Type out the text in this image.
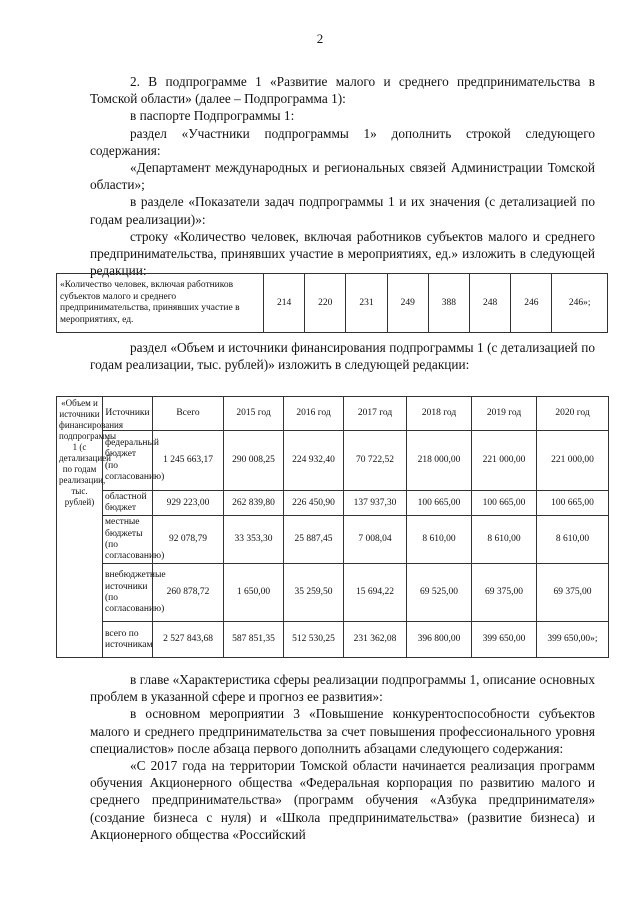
2

2. В подпрограмме 1 «Развитие малого и среднего предпринимательства в Томской области» (далее – Подпрограмма 1):

в паспорте Подпрограммы 1:

раздел «Участники подпрограммы 1» дополнить строкой следующего содержания:

«Департамент международных и региональных связей Администрации Томской области»;

в разделе «Показатели задач подпрограммы 1 и их значения (с детализацией по годам реализации)»:

строку «Количество человек, включая работников субъектов малого и среднего предпринимательства, принявших участие в мероприятиях, ед.» изложить в следующей редакции:

«Количество человек, включая работников субъектов малого и среднего предпринимательства, принявших участие в мероприятиях, ед.	214	220	231	249	388	248	246	246»;

раздел «Объем и источники финансирования подпрограммы 1 (с детализацией по годам реализации, тыс. рублей)» изложить в следующей редакции:

«Объем и источники финансирования подпрограммы 1 (с детализацией по годам реализации, тыс. рублей)	Источники	Всего	2015 год	2016 год	2017 год	2018 год	2019 год	2020 год
	федеральный бюджет (по согласованию)	1 245 663,17	290 008,25	224 932,40	70 722,52	218 000,00	221 000,00	221 000,00
	областной бюджет	929 223,00	262 839,80	226 450,90	137 937,30	100 665,00	100 665,00	100 665,00
	местные бюджеты (по согласованию)	92 078,79	33 353,30	25 887,45	7 008,04	8 610,00	8 610,00	8 610,00
	внебюджетные источники (по согласованию)	260 878,72	1 650,00	35 259,50	15 694,22	69 525,00	69 375,00	69 375,00
	всего по источникам	2 527 843,68	587 851,35	512 530,25	231 362,08	396 800,00	399 650,00	399 650,00»;

в главе «Характеристика сферы реализации подпрограммы 1, описание основных проблем в указанной сфере и прогноз ее развития»:

в основном мероприятии 3 «Повышение конкурентоспособности субъектов малого и среднего предпринимательства за счет повышения профессионального уровня специалистов» после абзаца первого дополнить абзацами следующего содержания:

«С 2017 года на территории Томской области начинается реализация программ обучения Акционерного общества «Федеральная корпорация по развитию малого и среднего предпринимательства» (программ обучения «Азбука предпринимателя» (создание бизнеса с нуля) и «Школа предпринимательства» (развитие бизнеса) и Акционерного общества «Российский
